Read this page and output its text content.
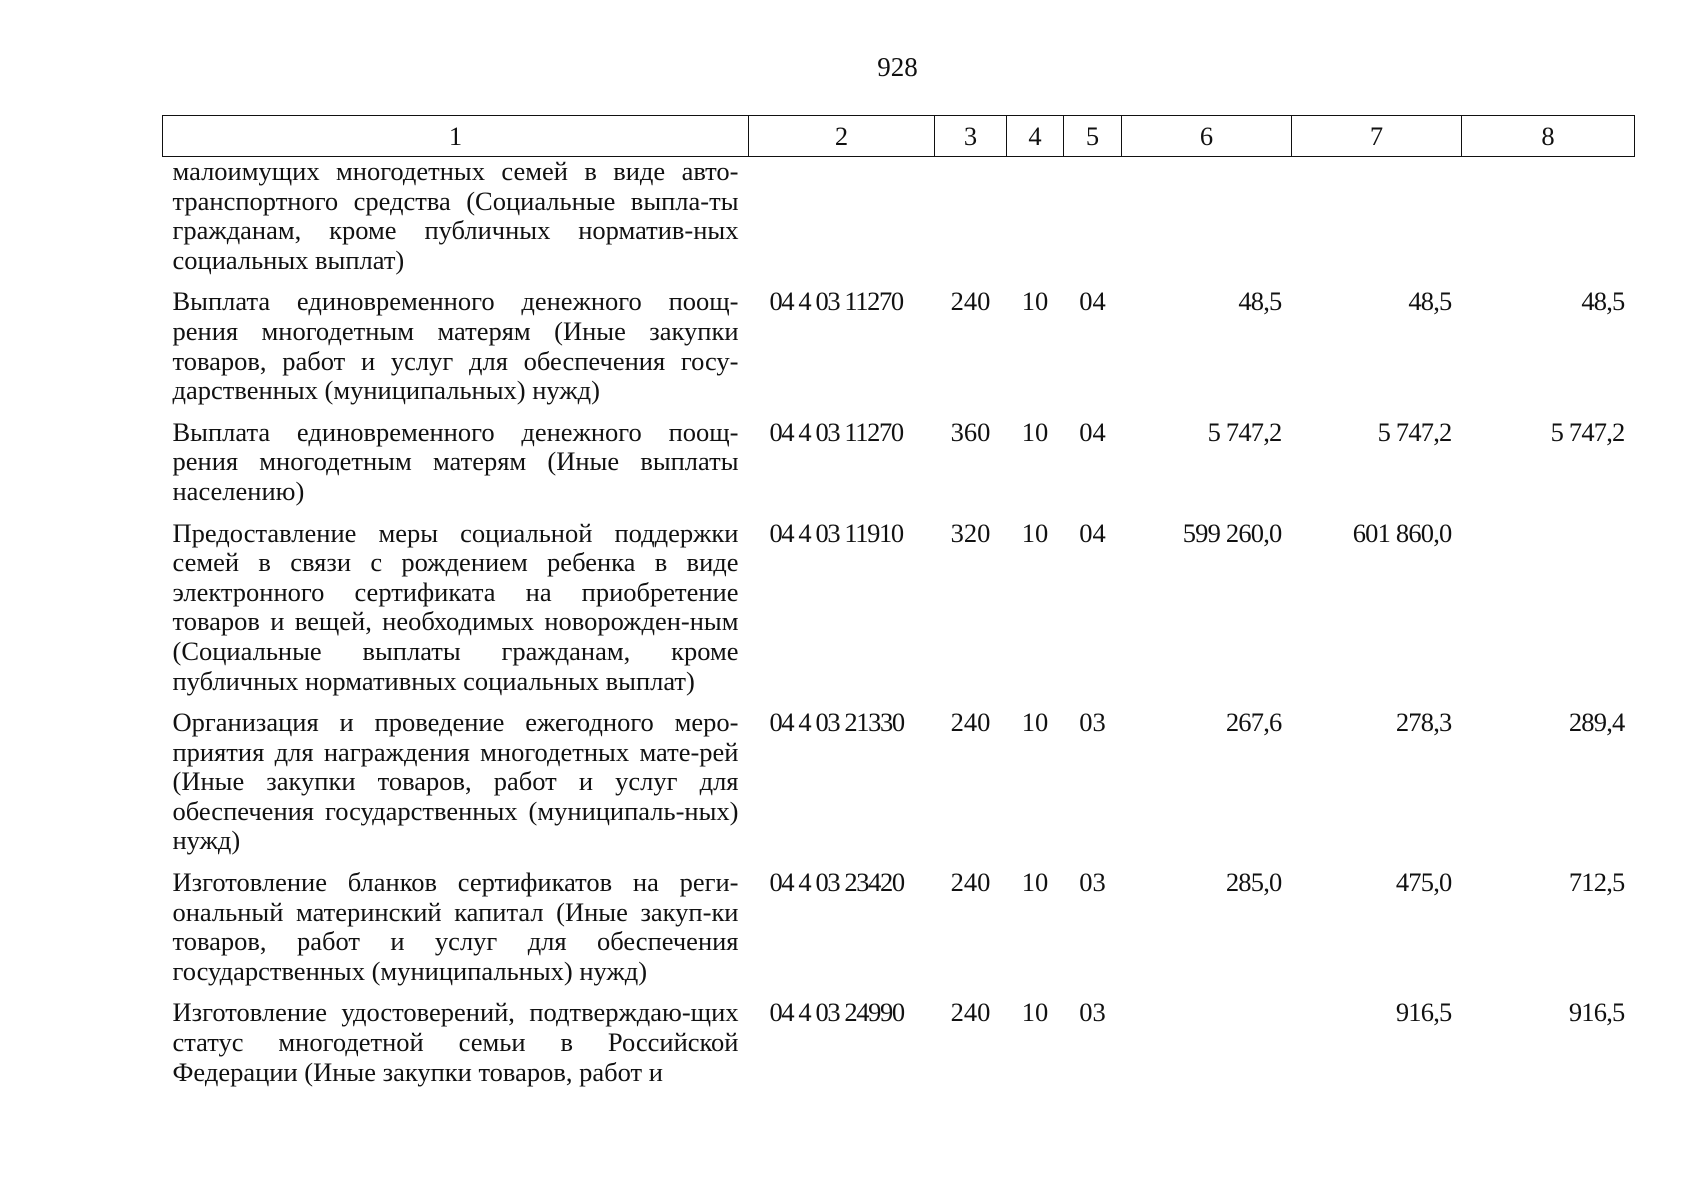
928
1	2	3	4	5	6	7	8
малоимущих многодетных семей в виде авто-транспортного средства (Социальные выпла-ты гражданам, кроме публичных норматив-ных социальных выплат)							
Выплата единовременного денежного поощ-рения многодетным матерям (Иные закупки товаров, работ и услуг для обеспечения госу-дарственных (муниципальных) нужд)	04 4 03 11270	240	10	04	48,5	48,5	48,5
Выплата единовременного денежного поощ-рения многодетным матерям (Иные выплаты населению)	04 4 03 11270	360	10	04	5 747,2	5 747,2	5 747,2
Предоставление меры социальной поддержки семей в связи с рождением ребенка в виде электронного сертификата на приобретение товаров и вещей, необходимых новорожден-ным (Социальные выплаты гражданам, кроме публичных нормативных социальных выплат)	04 4 03 11910	320	10	04	599 260,0	601 860,0	
Организация и проведение ежегодного меро-приятия для награждения многодетных мате-рей (Иные закупки товаров, работ и услуг для обеспечения государственных (муниципаль-ных) нужд)	04 4 03 21330	240	10	03	267,6	278,3	289,4
Изготовление бланков сертификатов на реги-ональный материнский капитал (Иные закуп-ки товаров, работ и услуг для обеспечения государственных (муниципальных) нужд)	04 4 03 23420	240	10	03	285,0	475,0	712,5
Изготовление удостоверений, подтверждаю-щих статус многодетной семьи в Российской Федерации (Иные закупки товаров, работ и	04 4 03 24990	240	10	03		916,5	916,5
